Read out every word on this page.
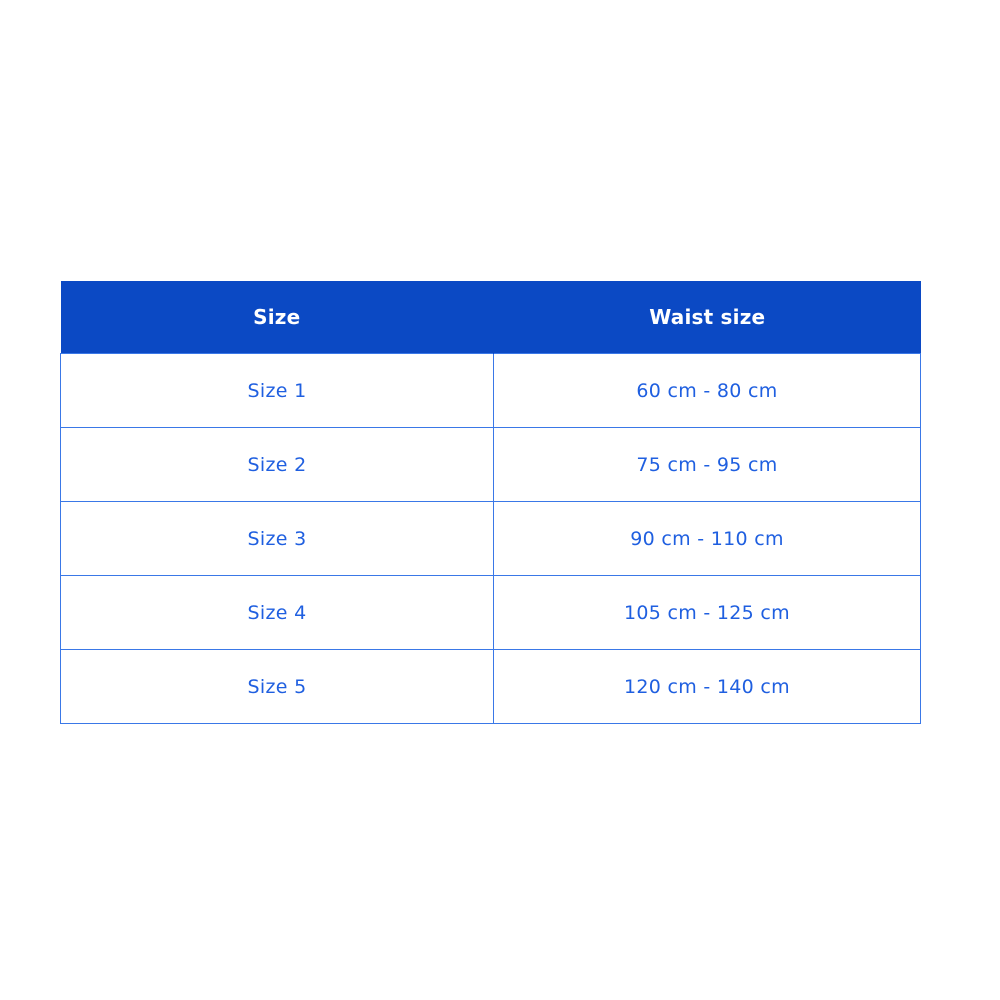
Size	Waist size
Size 1	60 cm - 80 cm
Size 2	75 cm - 95 cm
Size 3	90 cm - 110 cm
Size 4	105 cm - 125 cm
Size 5	120 cm - 140 cm
